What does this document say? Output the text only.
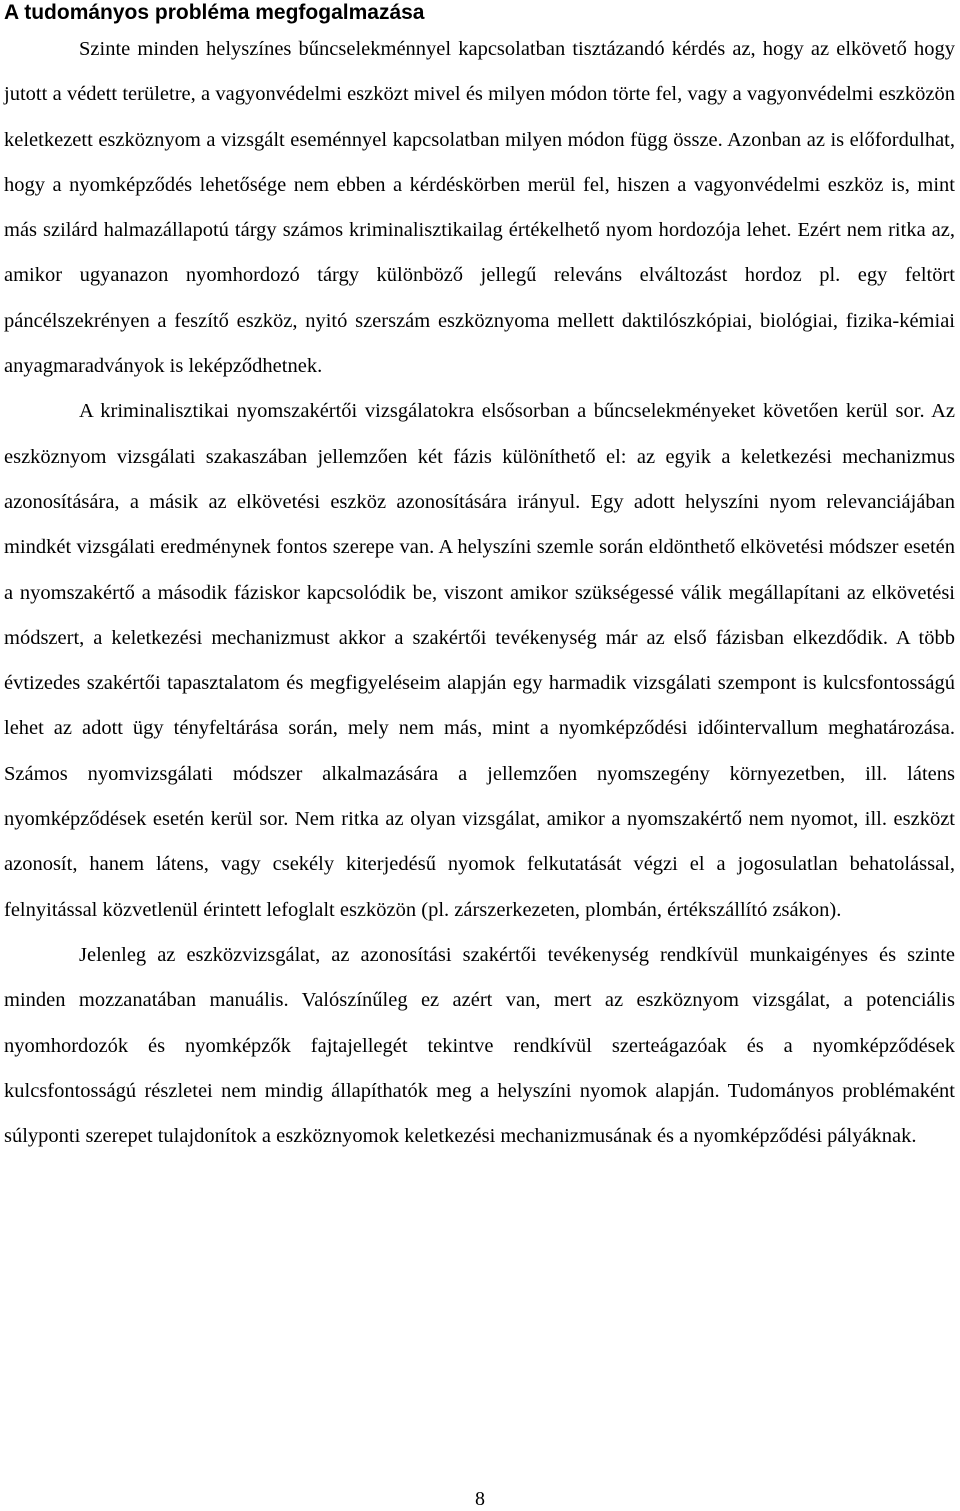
A tudományos probléma megfogalmazása

Szinte minden helyszínes bűncselekménnyel kapcsolatban tisztázandó kérdés az, hogy az elkövető hogy jutott a védett területre, a vagyonvédelmi eszközt mivel és milyen módon törte fel, vagy a vagyonvédelmi eszközön keletkezett eszköznyom a vizsgált eseménnyel kapcsolatban milyen módon függ össze. Azonban az is előfordulhat, hogy a nyomképződés lehetősége nem ebben a kérdéskörben merül fel, hiszen a vagyonvédelmi eszköz is, mint más szilárd halmazállapotú tárgy számos kriminalisztikailag értékelhető nyom hordozója lehet. Ezért nem ritka az, amikor ugyanazon nyomhordozó tárgy különböző jellegű releváns elváltozást hordoz pl. egy feltört páncélszekrényen a feszítő eszköz, nyitó szerszám eszköznyoma mellett daktilószkópiai, biológiai, fizika-kémiai anyagmaradványok is leképződhetnek.

A kriminalisztikai nyomszakértői vizsgálatokra elsősorban a bűncselekményeket követően kerül sor. Az eszköznyom vizsgálati szakaszában jellemzően két fázis különíthető el: az egyik a keletkezési mechanizmus azonosítására, a másik az elkövetési eszköz azonosítására irányul. Egy adott helyszíni nyom relevanciájában mindkét vizsgálati eredménynek fontos szerepe van. A helyszíni szemle során eldönthető elkövetési módszer esetén a nyomszakértő a második fáziskor kapcsolódik be, viszont amikor szükségessé válik megállapítani az elkövetési módszert, a keletkezési mechanizmust akkor a szakértői tevékenység már az első fázisban elkezdődik. A több évtizedes szakértői tapasztalatom és megfigyeléseim alapján egy harmadik vizsgálati szempont is kulcsfontosságú lehet az adott ügy tényfeltárása során, mely nem más, mint a nyomképződési időintervallum meghatározása. Számos nyomvizsgálati módszer alkalmazására a jellemzően nyomszegény környezetben, ill. látens nyomképződések esetén kerül sor. Nem ritka az olyan vizsgálat, amikor a nyomszakértő nem nyomot, ill. eszközt azonosít, hanem látens, vagy csekély kiterjedésű nyomok felkutatását végzi el a jogosulatlan behatolással, felnyitással közvetlenül érintett lefoglalt eszközön (pl. zárszerkezeten, plombán, értékszállító zsákon).

Jelenleg az eszközvizsgálat, az azonosítási szakértői tevékenység rendkívül munkaigényes és szinte minden mozzanatában manuális. Valószínűleg ez azért van, mert az eszköznyom vizsgálat, a potenciális nyomhordozók és nyomképzők fajtajellegét tekintve rendkívül szerteágazóak és a nyomképződések kulcsfontosságú részletei nem mindig állapíthatók meg a helyszíni nyomok alapján. Tudományos problémaként súlyponti szerepet tulajdonítok a eszköznyomok keletkezési mechanizmusának és a nyomképződési pályáknak.

8
